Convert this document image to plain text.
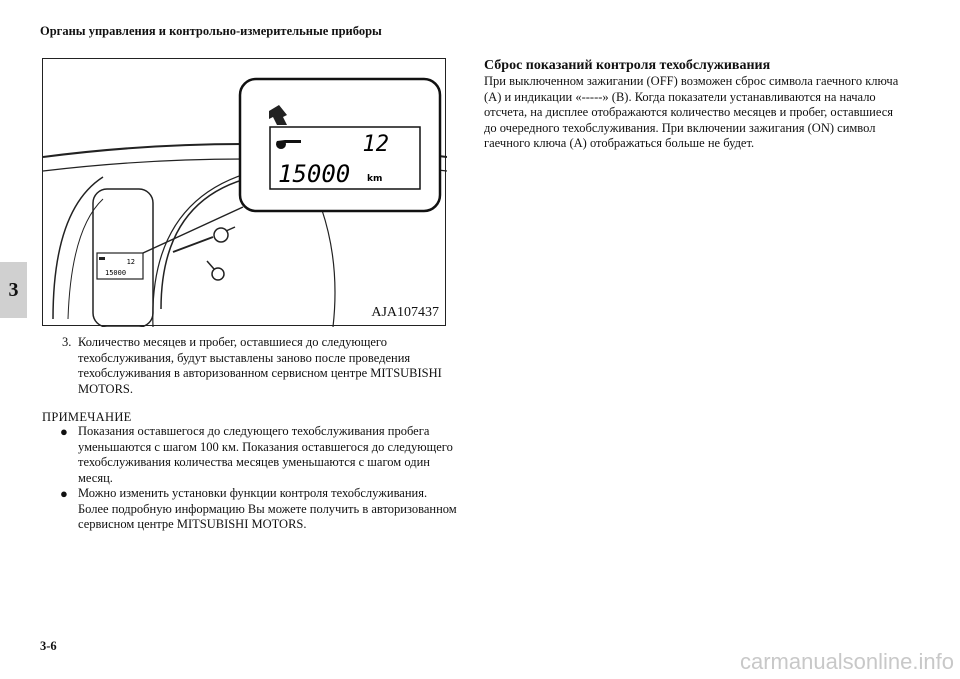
Органы управления и контрольно-измерительные приборы
3
12
15000
12
15000 km
AJA107437
3. Количество месяцев и пробег, оставшиеся до следующего техобслуживания, будут выставлены заново после проведения техобслуживания в авторизованном сервисном центре MITSUBISHI MOTORS.
ПРИМЕЧАНИЕ
● Показания оставшегося до следующего техобслуживания пробега уменьшаются с шагом 100 км. Показания оставшегося до следующего техобслуживания количества месяцев уменьшаются с шагом один месяц.
● Можно изменить установки функции контроля техобслуживания.
Более подробную информацию Вы можете получить в авторизованном сервисном центре MITSUBISHI MOTORS.
Сброс показаний контроля техобслуживания
При выключенном зажигании (OFF) возможен сброс символа гаечного ключа (A) и индикации «-----» (B). Когда показатели устанавливаются на начало отсчета, на дисплее отображаются количество месяцев и пробег, оставшиеся до очередного техобслуживания. При включении зажигания (ON) символ гаечного ключа (A) отображаться больше не будет.
3-6
carmanualsonline.info
